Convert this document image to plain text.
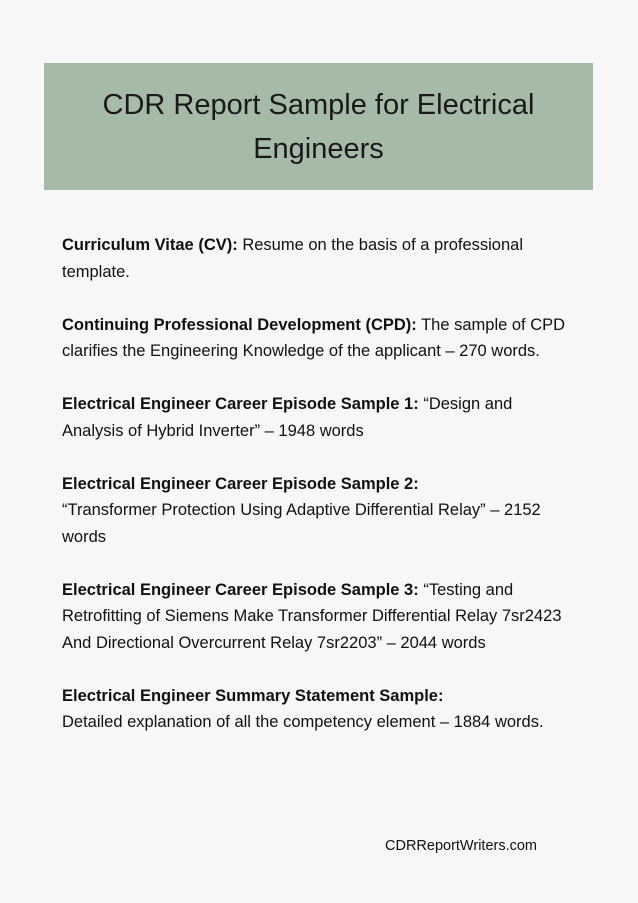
CDR Report Sample for Electrical Engineers

Curriculum Vitae (CV): Resume on the basis of a professional template.

Continuing Professional Development (CPD): The sample of CPD clarifies the Engineering Knowledge of the applicant – 270 words.

Electrical Engineer Career Episode Sample 1: “Design and Analysis of Hybrid Inverter” – 1948 words

Electrical Engineer Career Episode Sample 2:
“Transformer Protection Using Adaptive Differential Relay” – 2152 words

Electrical Engineer Career Episode Sample 3: “Testing and Retrofitting of Siemens Make Transformer Differential Relay 7sr2423 And Directional Overcurrent Relay 7sr2203” – 2044 words

Electrical Engineer Summary Statement Sample:
Detailed explanation of all the competency element – 1884 words.

CDRReportWriters.com
